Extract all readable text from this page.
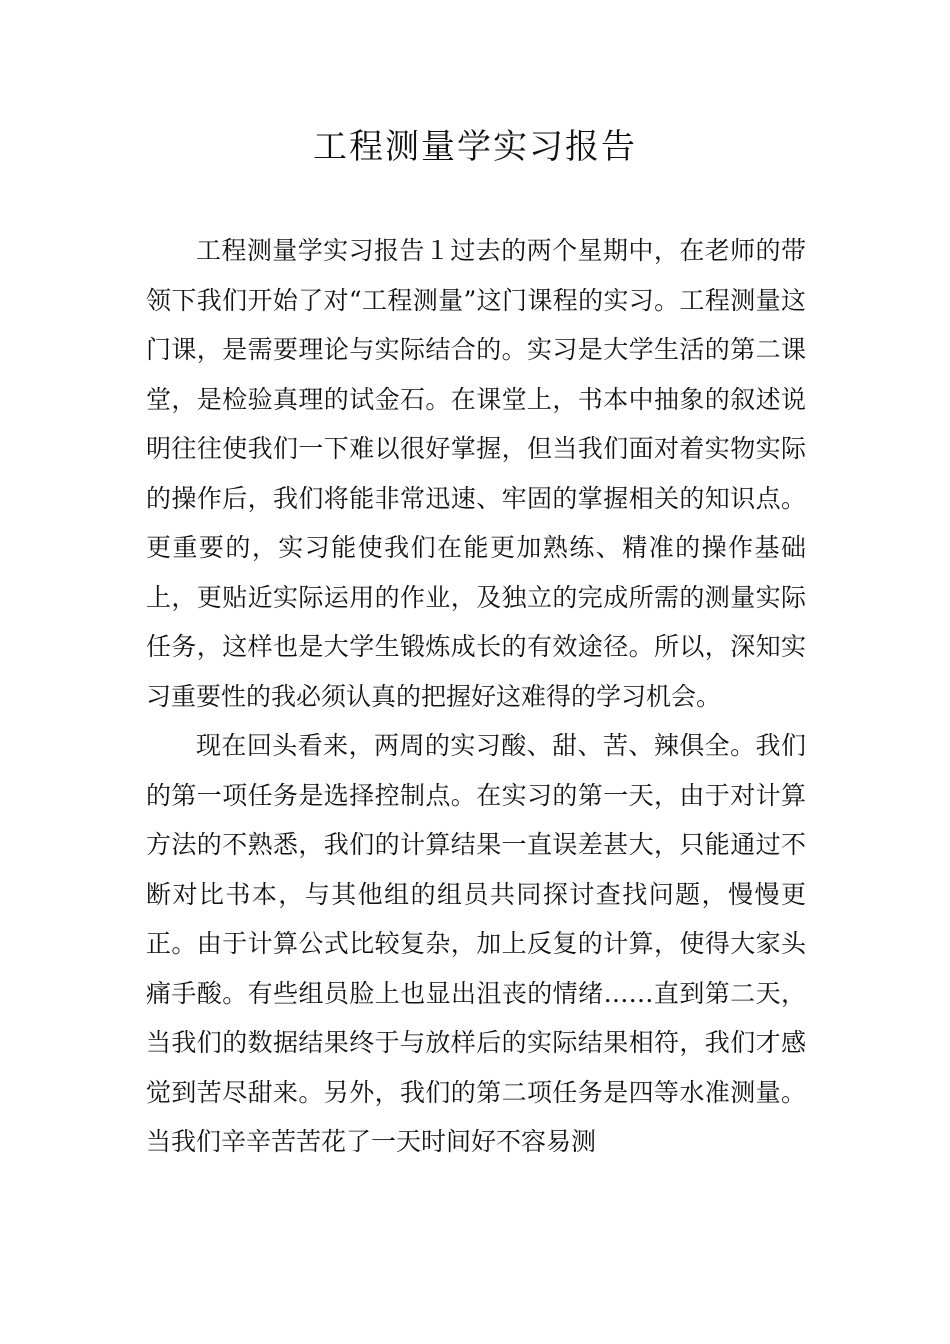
工程测量学实习报告

工程测量学实习报告１过去的两个星期中，在老师的带领下我们开始了对“工程测量”这门课程的实习。工程测量这门课，是需要理论与实际结合的。实习是大学生活的第二课堂，是检验真理的试金石。在课堂上，书本中抽象的叙述说明往往使我们一下难以很好掌握，但当我们面对着实物实际的操作后，我们将能非常迅速、牢固的掌握相关的知识点。更重要的，实习能使我们在能更加熟练、精准的操作基础上，更贴近实际运用的作业，及独立的完成所需的测量实际任务，这样也是大学生锻炼成长的有效途径。所以，深知实习重要性的我必须认真的把握好这难得的学习机会。

现在回头看来，两周的实习酸、甜、苦、辣俱全。我们的第一项任务是选择控制点。在实习的第一天，由于对计算方法的不熟悉，我们的计算结果一直误差甚大，只能通过不断对比书本，与其他组的组员共同探讨查找问题，慢慢更正。由于计算公式比较复杂，加上反复的计算，使得大家头痛手酸。有些组员脸上也显出沮丧的情绪……直到第二天，当我们的数据结果终于与放样后的实际结果相符，我们才感觉到苦尽甜来。另外，我们的第二项任务是四等水准测量。当我们辛辛苦苦花了一天时间好不容易测
